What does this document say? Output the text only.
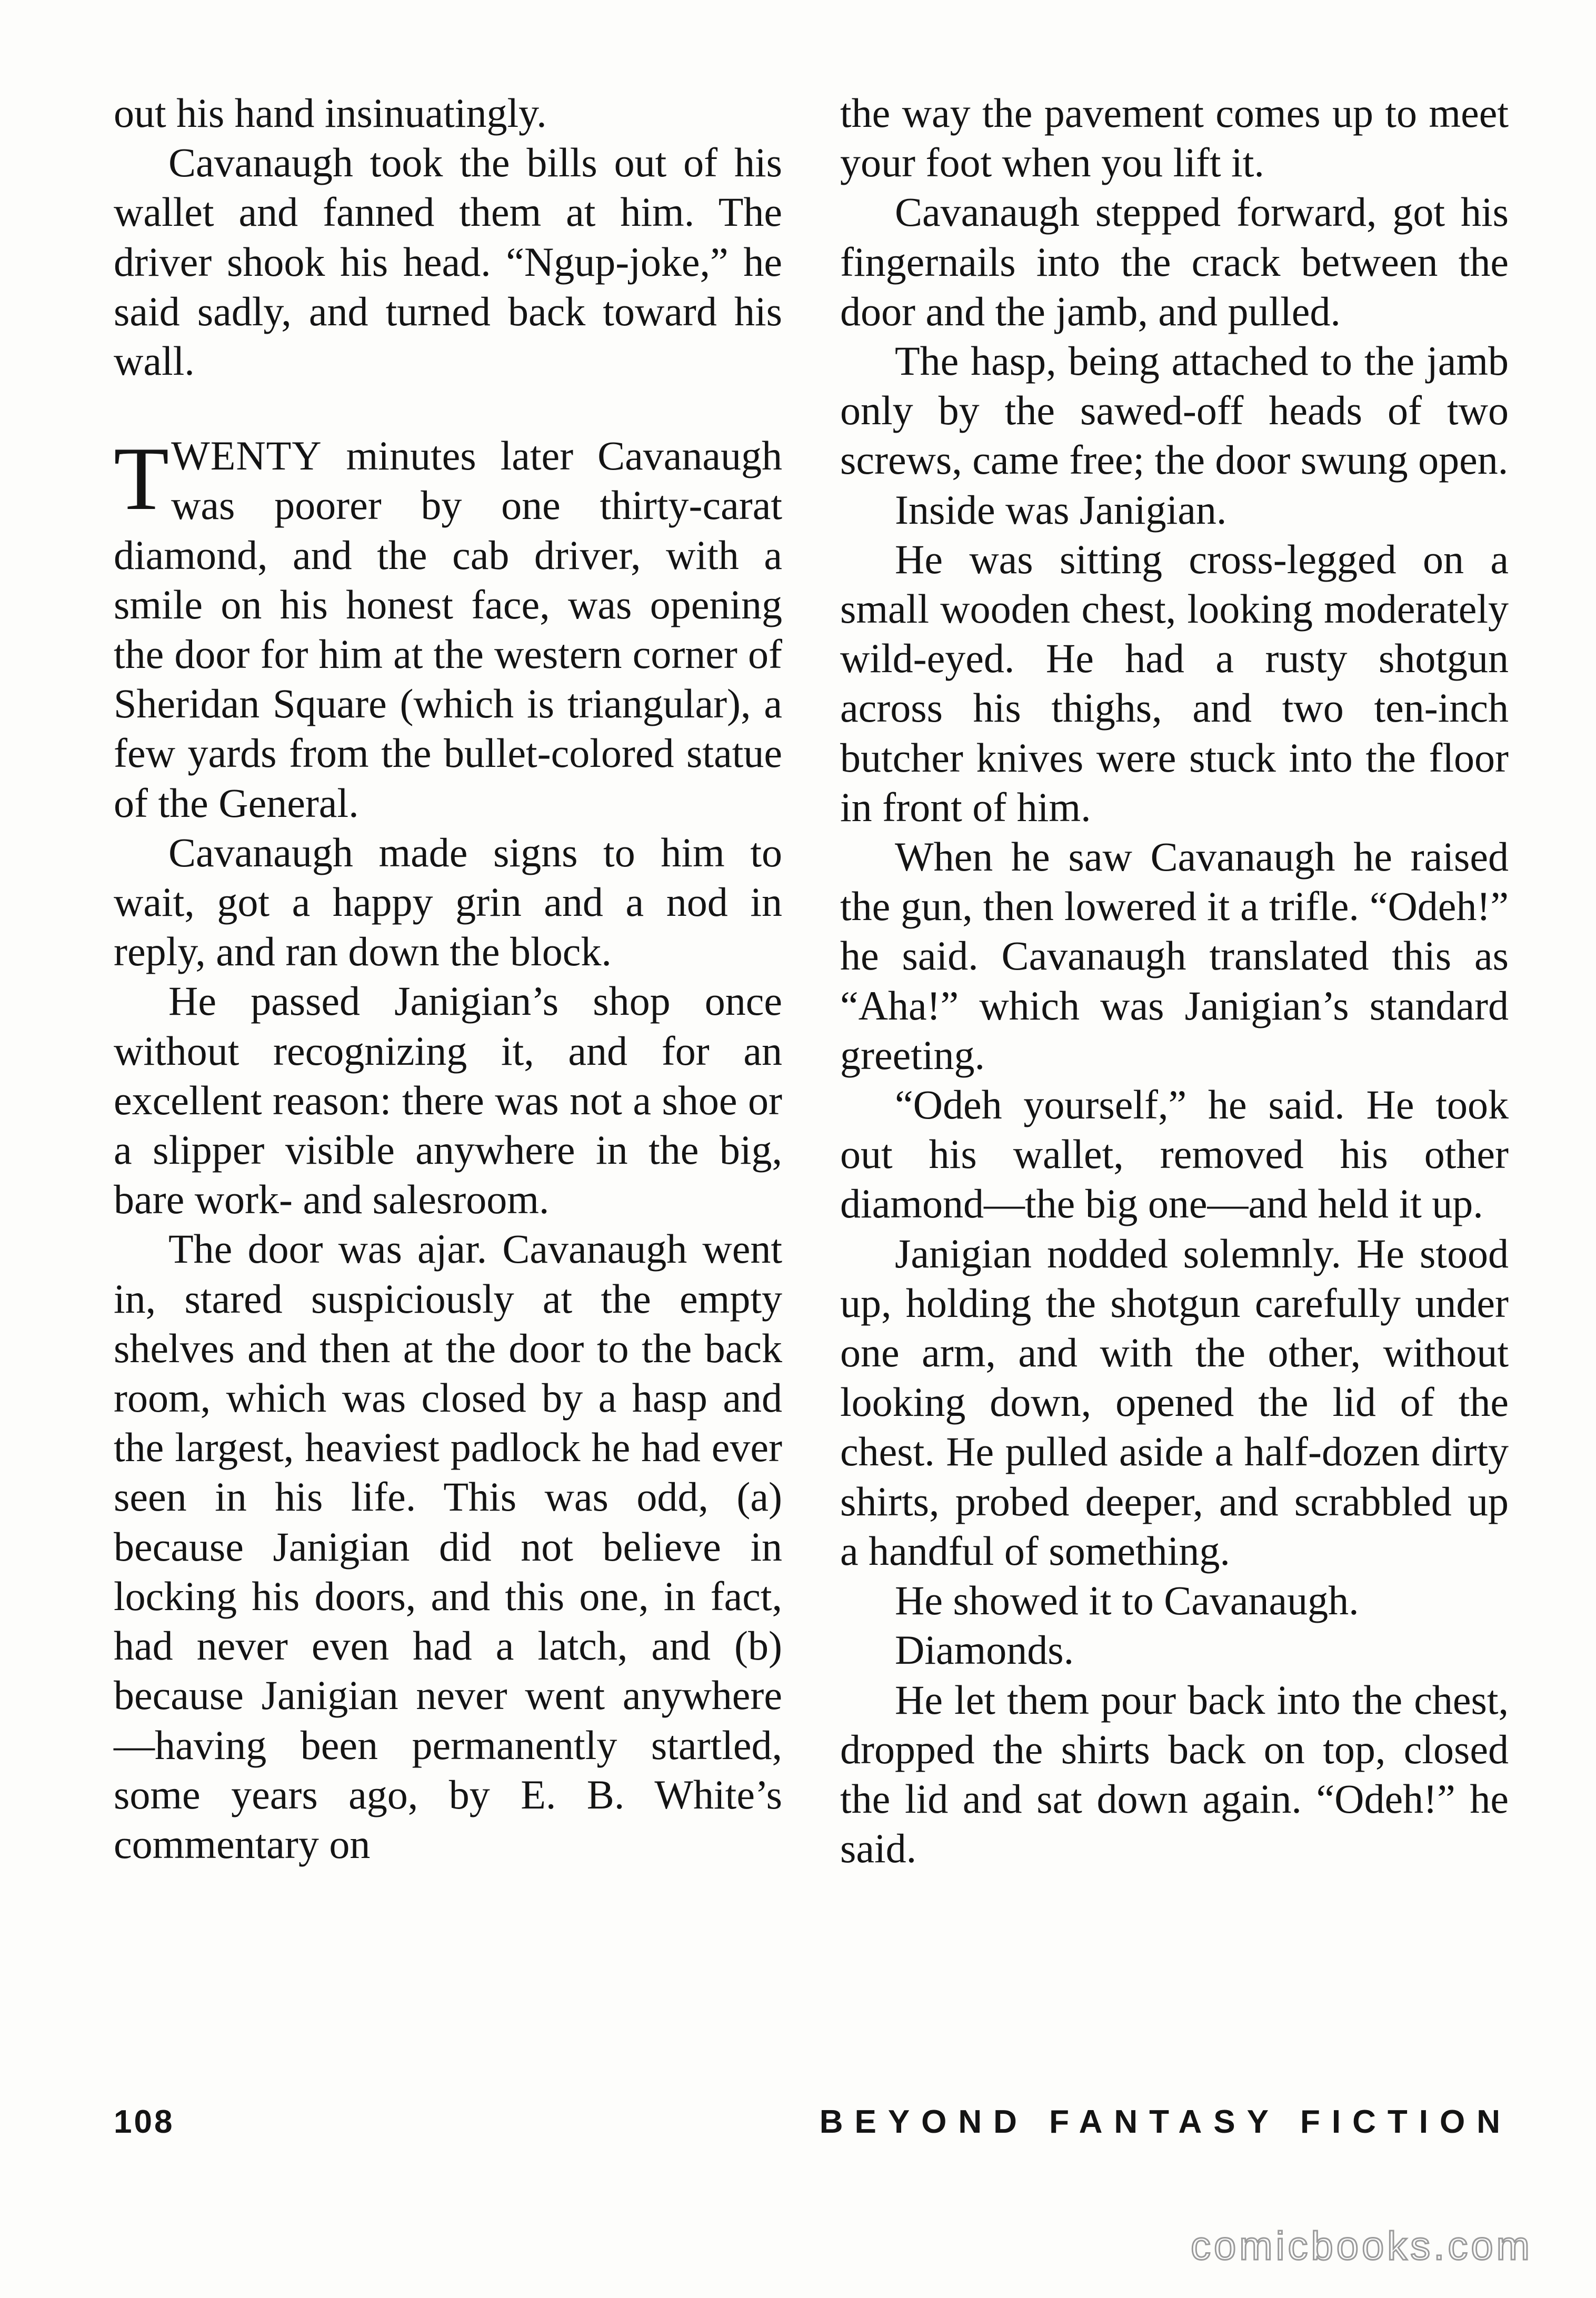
out his hand insinuatingly.

Cavanaugh took the bills out of his wallet and fanned them at him. The driver shook his head. “Ngup-joke,” he said sadly, and turned back toward his wall.

TWENTY minutes later Cavanaugh was poorer by one thirty-carat diamond, and the cab driver, with a smile on his honest face, was opening the door for him at the western corner of Sheridan Square (which is triangular), a few yards from the bullet-colored statue of the General.

Cavanaugh made signs to him to wait, got a happy grin and a nod in reply, and ran down the block.

He passed Janigian’s shop once without recognizing it, and for an excellent reason: there was not a shoe or a slipper visible anywhere in the big, bare work- and salesroom.

The door was ajar. Cavanaugh went in, stared suspiciously at the empty shelves and then at the door to the back room, which was closed by a hasp and the largest, heaviest padlock he had ever seen in his life. This was odd, (a) because Janigian did not believe in locking his doors, and this one, in fact, had never even had a latch, and (b) because Janigian never went anywhere—having been permanently startled, some years ago, by E. B. White’s commentary on

the way the pavement comes up to meet your foot when you lift it.

Cavanaugh stepped forward, got his fingernails into the crack between the door and the jamb, and pulled.

The hasp, being attached to the jamb only by the sawed-off heads of two screws, came free; the door swung open.

Inside was Janigian.

He was sitting cross-legged on a small wooden chest, looking moderately wild-eyed. He had a rusty shotgun across his thighs, and two ten-inch butcher knives were stuck into the floor in front of him.

When he saw Cavanaugh he raised the gun, then lowered it a trifle. “Odeh!” he said. Cavanaugh translated this as “Aha!” which was Janigian’s standard greeting.

“Odeh yourself,” he said. He took out his wallet, removed his other diamond—the big one—and held it up.

Janigian nodded solemnly. He stood up, holding the shotgun carefully under one arm, and with the other, without looking down, opened the lid of the chest. He pulled aside a half-dozen dirty shirts, probed deeper, and scrabbled up a handful of something.

He showed it to Cavanaugh.

Diamonds.

He let them pour back into the chest, dropped the shirts back on top, closed the lid and sat down again. “Odeh!” he said.

108	BEYOND FANTASY FICTION
comicbooks.com
